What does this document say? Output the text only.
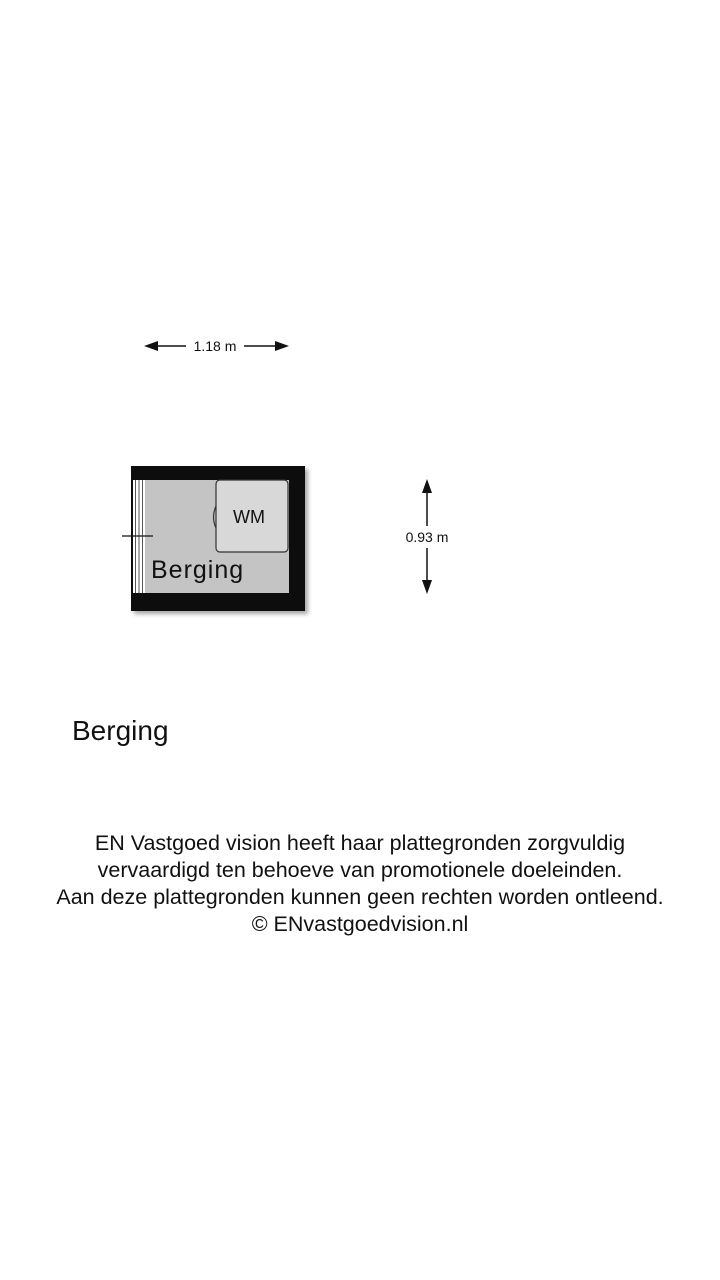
1.18 m
0.93 m
WM
Berging
Berging
EN Vastgoed vision heeft haar plattegronden zorgvuldig
vervaardigd ten behoeve van promotionele doeleinden.
Aan deze plattegronden kunnen geen rechten worden ontleend.
© ENvastgoedvision.nl
